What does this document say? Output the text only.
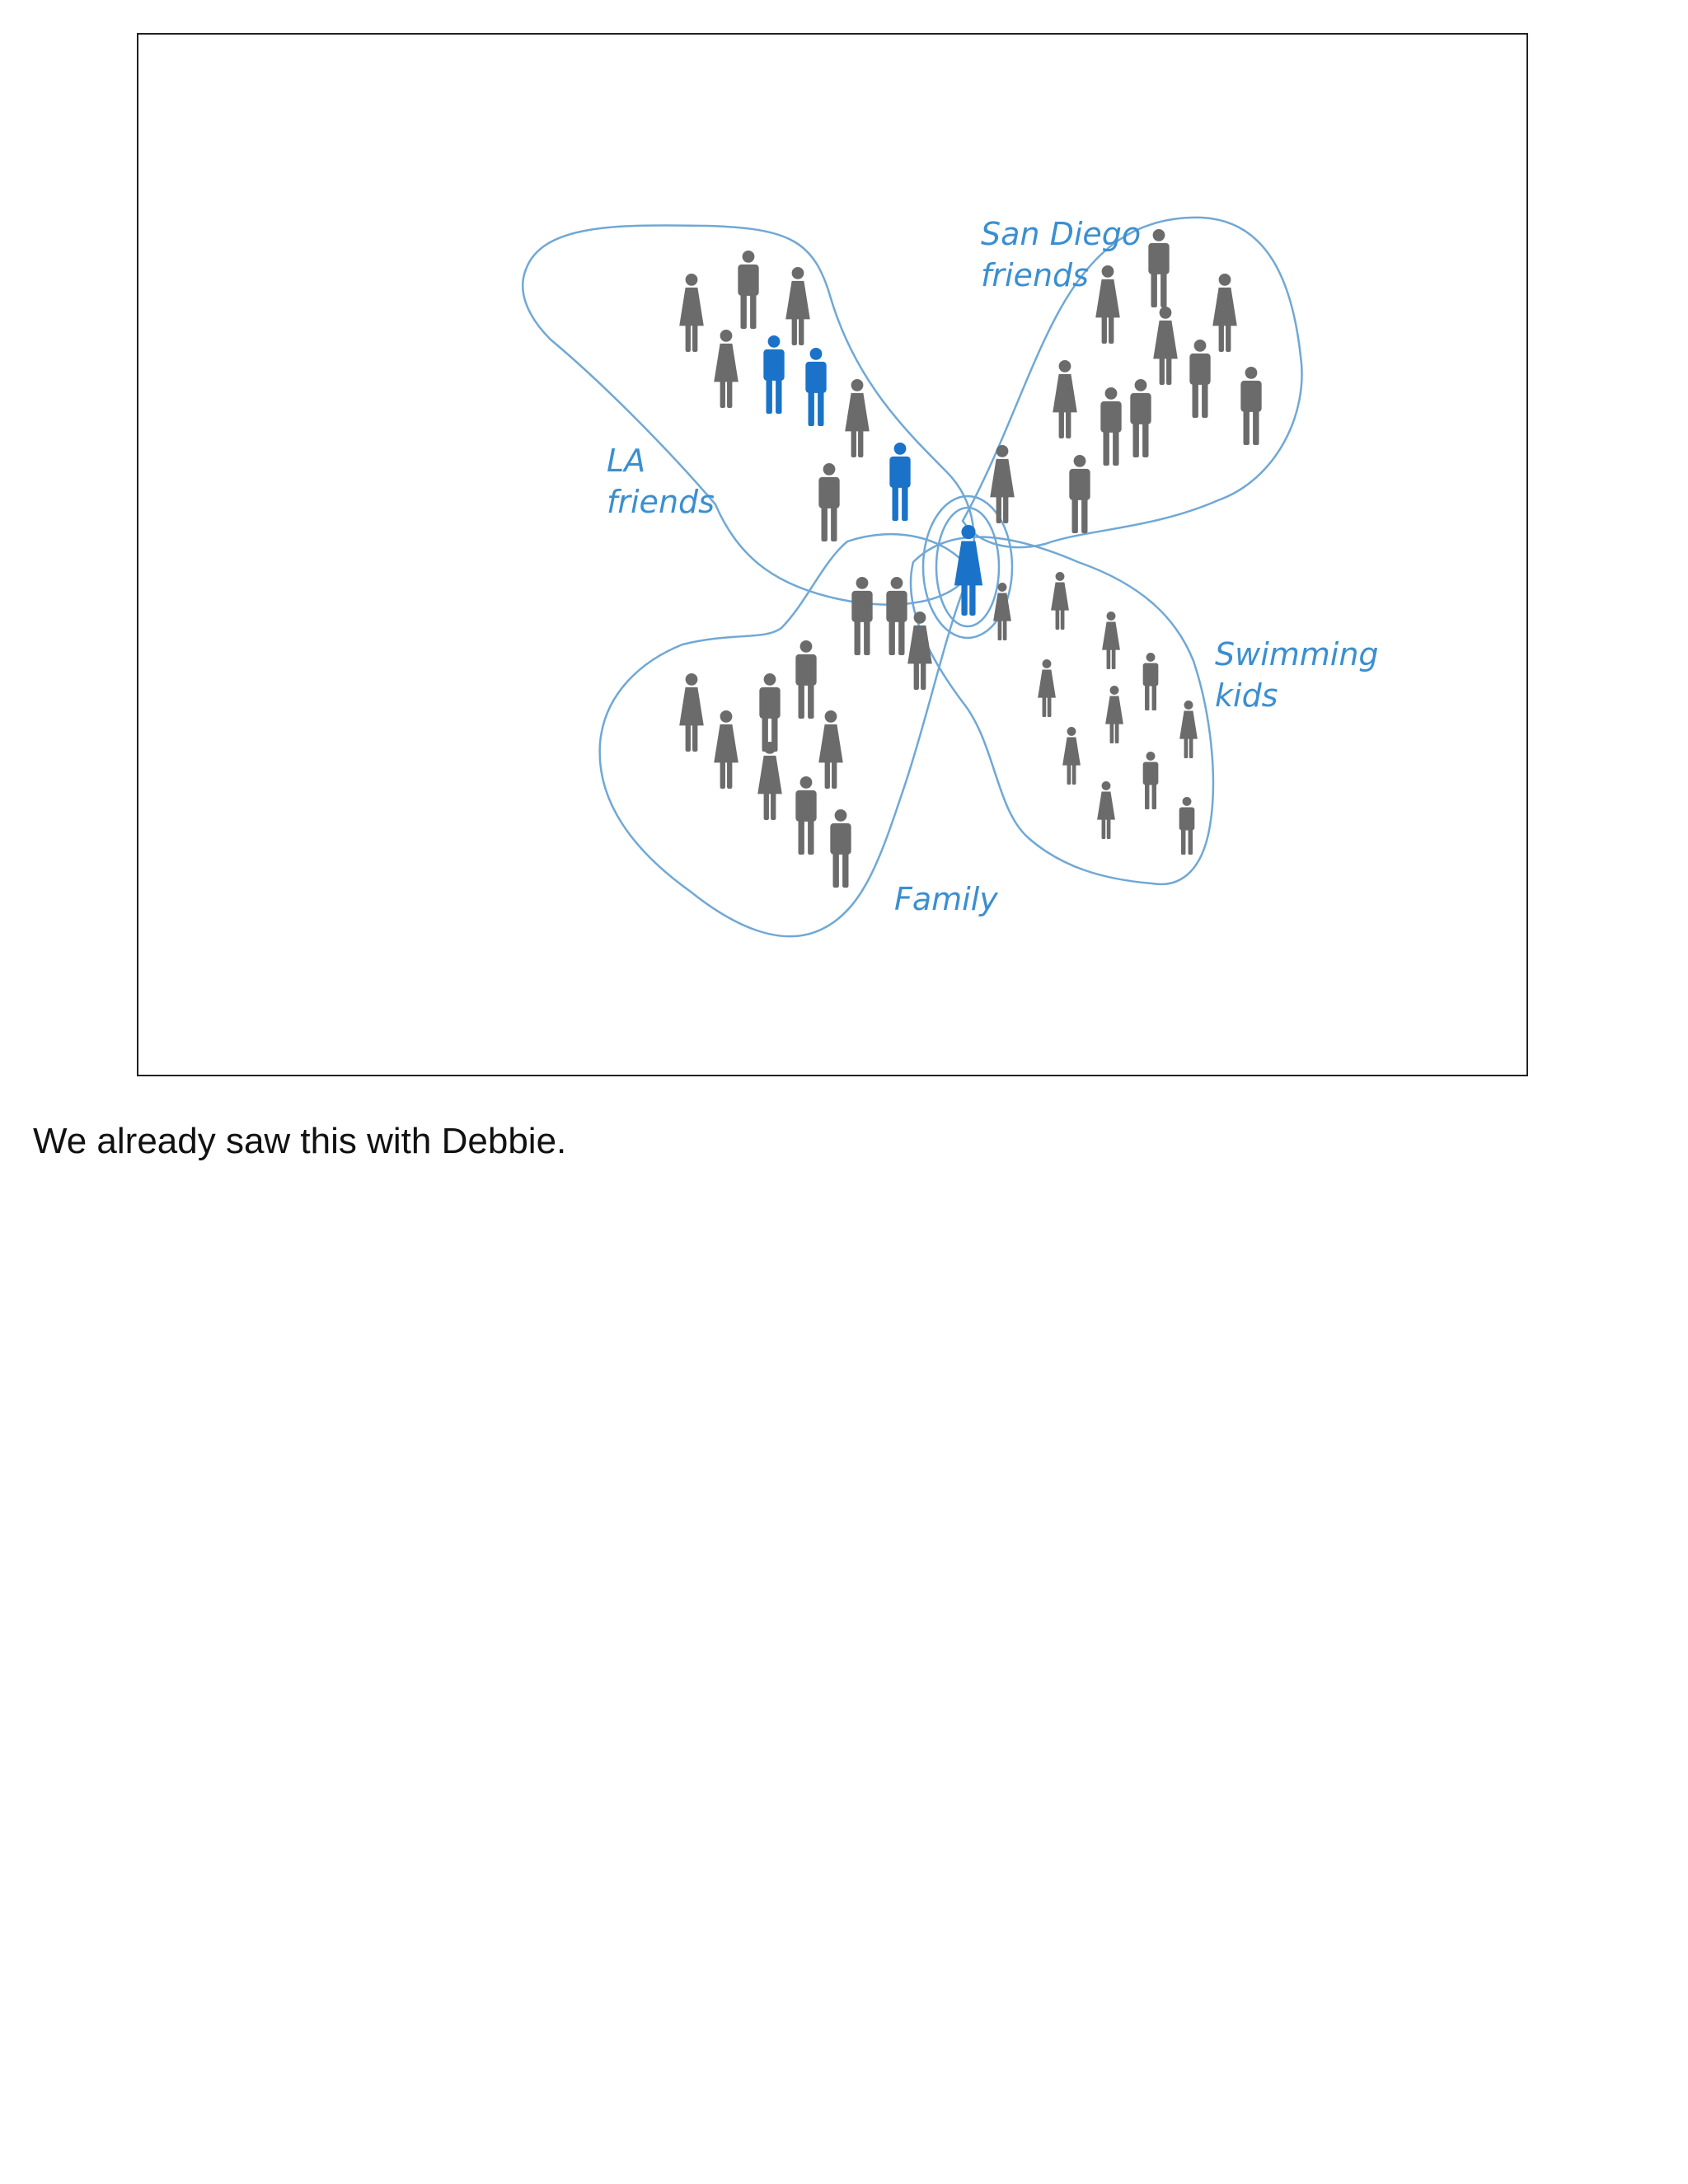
LA friends
San Diego friends
Swimming kids
Family

We already saw this with Debbie.
